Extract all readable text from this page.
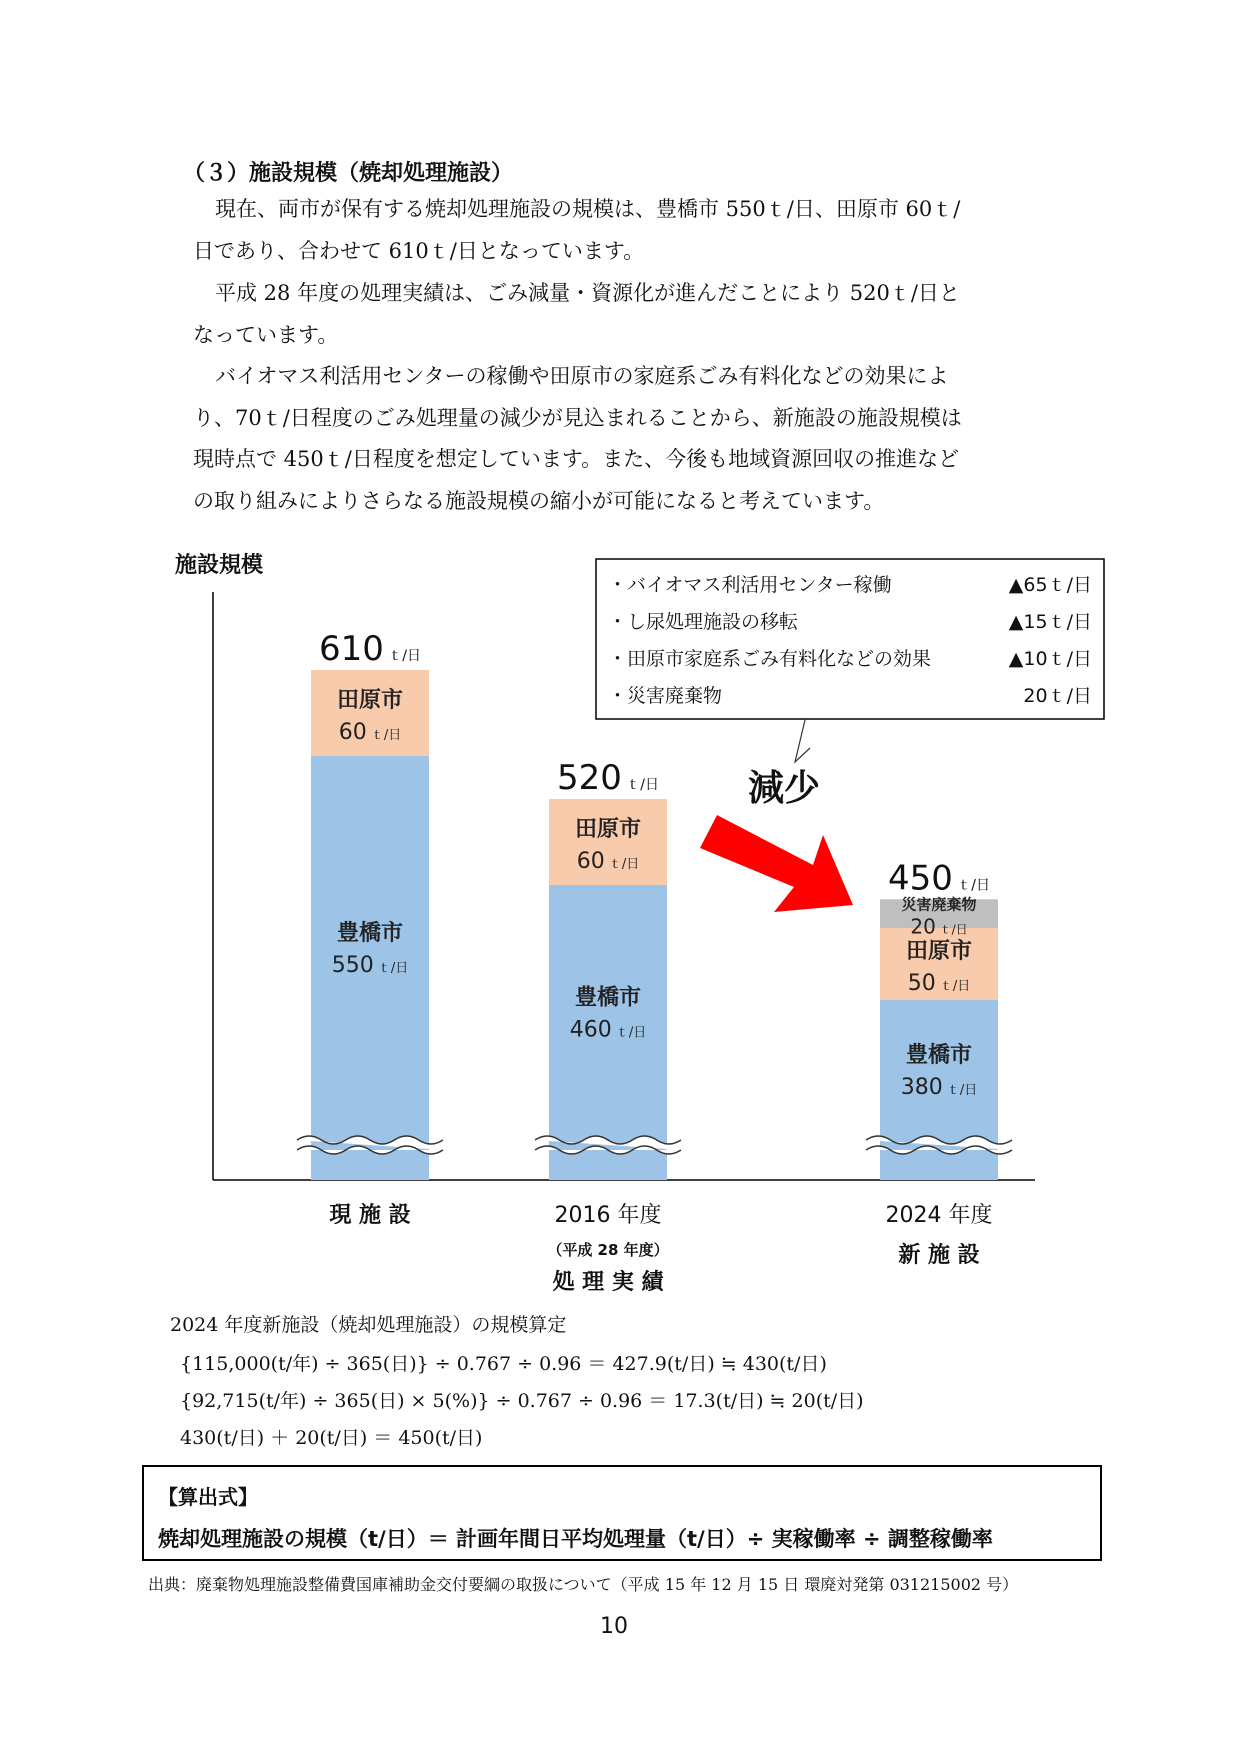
（３）施設規模（焼却処理施設）
現在、両市が保有する焼却処理施設の規模は、豊橋市 550ｔ/日、田原市 60ｔ/
日であり、合わせて 610ｔ/日となっています。
平成 28 年度の処理実績は、ごみ減量・資源化が進んだことにより 520ｔ/日と
なっています。
バイオマス利活用センターの稼働や田原市の家庭系ごみ有料化などの効果によ
り、70ｔ/日程度のごみ処理量の減少が見込まれることから、新施設の施設規模は
現時点で 450ｔ/日程度を想定しています。また、今後も地域資源回収の推進など
の取り組みによりさらなる施設規模の縮小が可能になると考えています。
施設規模
豊橋市
550 ｔ/日
田原市
60 ｔ/日
610 ｔ/日
現 施 設
豊橋市
460 ｔ/日
田原市
60 ｔ/日
520 ｔ/日
2016 年度
（平成 28 年度）
処 理 実 績
豊橋市
380 ｔ/日
田原市
50 ｔ/日
災害廃棄物
20 ｔ/日
450 ｔ/日
2024 年度
新 施 設
・バイオマス利活用センター稼働	▲65ｔ/日
・し尿処理施設の移転	▲15ｔ/日
・田原市家庭系ごみ有料化などの効果	▲10ｔ/日
・災害廃棄物	20ｔ/日
減少
2024 年度新施設（焼却処理施設）の規模算定
{115,000(t/年) ÷ 365(日)} ÷ 0.767 ÷ 0.96 ＝ 427.9(t/日) ≒ 430(t/日)
{92,715(t/年) ÷ 365(日) × 5(%)} ÷ 0.767 ÷ 0.96 ＝ 17.3(t/日) ≒ 20(t/日)
430(t/日) ＋ 20(t/日) ＝ 450(t/日)
【算出式】
焼却処理施設の規模（t/日）＝ 計画年間日平均処理量（t/日）÷ 実稼働率 ÷ 調整稼働率
出典：廃棄物処理施設整備費国庫補助金交付要綱の取扱について（平成 15 年 12 月 15 日 環廃対発第 031215002 号）
10
